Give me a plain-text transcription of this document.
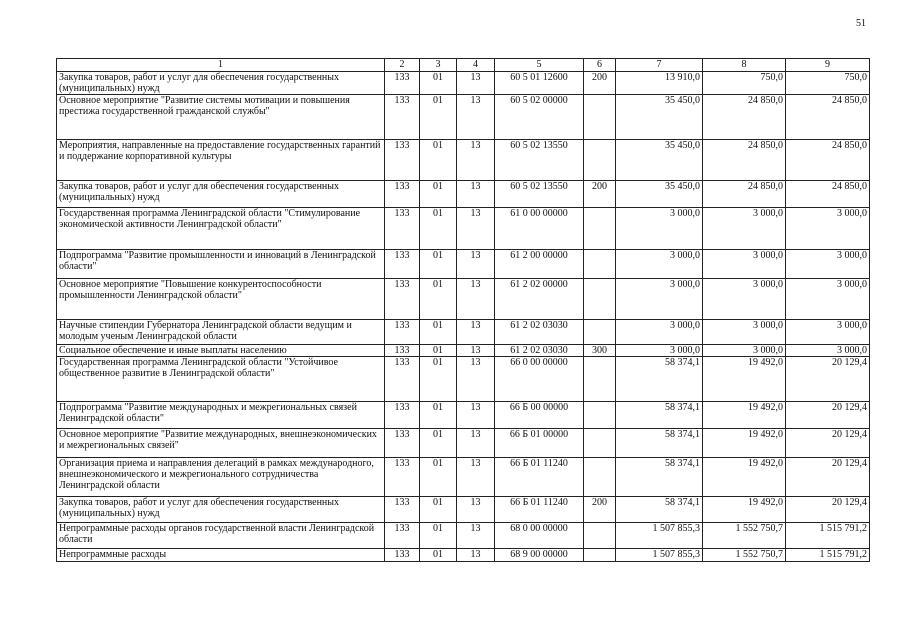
51
1	2	3	4	5	6	7	8	9
Закупка товаров, работ и услуг для обеспечения государственных (муниципальных) нужд	133	01	13	60 5 01 12600	200	13 910,0	750,0	750,0
Основное мероприятие "Развитие системы мотивации и повышения престижа государственной гражданской службы"	133	01	13	60 5 02 00000		35 450,0	24 850,0	24 850,0
Мероприятия, направленные на предоставление государственных гарантий и поддержание корпоративной культуры	133	01	13	60 5 02 13550		35 450,0	24 850,0	24 850,0
Закупка товаров, работ и услуг для обеспечения государственных (муниципальных) нужд	133	01	13	60 5 02 13550	200	35 450,0	24 850,0	24 850,0
Государственная программа Ленинградской области "Стимулирование экономической активности Ленинградской области"	133	01	13	61 0 00 00000		3 000,0	3 000,0	3 000,0
Подпрограмма "Развитие промышленности и инноваций в Ленинградской области"	133	01	13	61 2 00 00000		3 000,0	3 000,0	3 000,0
Основное мероприятие "Повышение конкурентоспособности промышленности Ленинградской области"	133	01	13	61 2 02 00000		3 000,0	3 000,0	3 000,0
Научные стипендии Губернатора Ленинградской области ведущим и молодым ученым Ленинградской области	133	01	13	61 2 02 03030		3 000,0	3 000,0	3 000,0
Социальное обеспечение и иные выплаты населению	133	01	13	61 2 02 03030	300	3 000,0	3 000,0	3 000,0
Государственная программа Ленинградской области "Устойчивое общественное развитие в Ленинградской области"	133	01	13	66 0 00 00000		58 374,1	19 492,0	20 129,4
Подпрограмма "Развитие международных и межрегиональных связей Ленинградской области"	133	01	13	66 Б 00 00000		58 374,1	19 492,0	20 129,4
Основное мероприятие "Развитие международных, внешнеэкономических и межрегиональных связей"	133	01	13	66 Б 01 00000		58 374,1	19 492,0	20 129,4
Организация приема и направления делегаций в рамках международного, внешнеэкономического и межрегионального сотрудничества Ленинградской области	133	01	13	66 Б 01 11240		58 374,1	19 492,0	20 129,4
Закупка товаров, работ и услуг для обеспечения государственных (муниципальных) нужд	133	01	13	66 Б 01 11240	200	58 374,1	19 492,0	20 129,4
Непрограммные расходы органов государственной власти Ленинградской области	133	01	13	68 0 00 00000		1 507 855,3	1 552 750,7	1 515 791,2
Непрограммные расходы	133	01	13	68 9 00 00000		1 507 855,3	1 552 750,7	1 515 791,2
